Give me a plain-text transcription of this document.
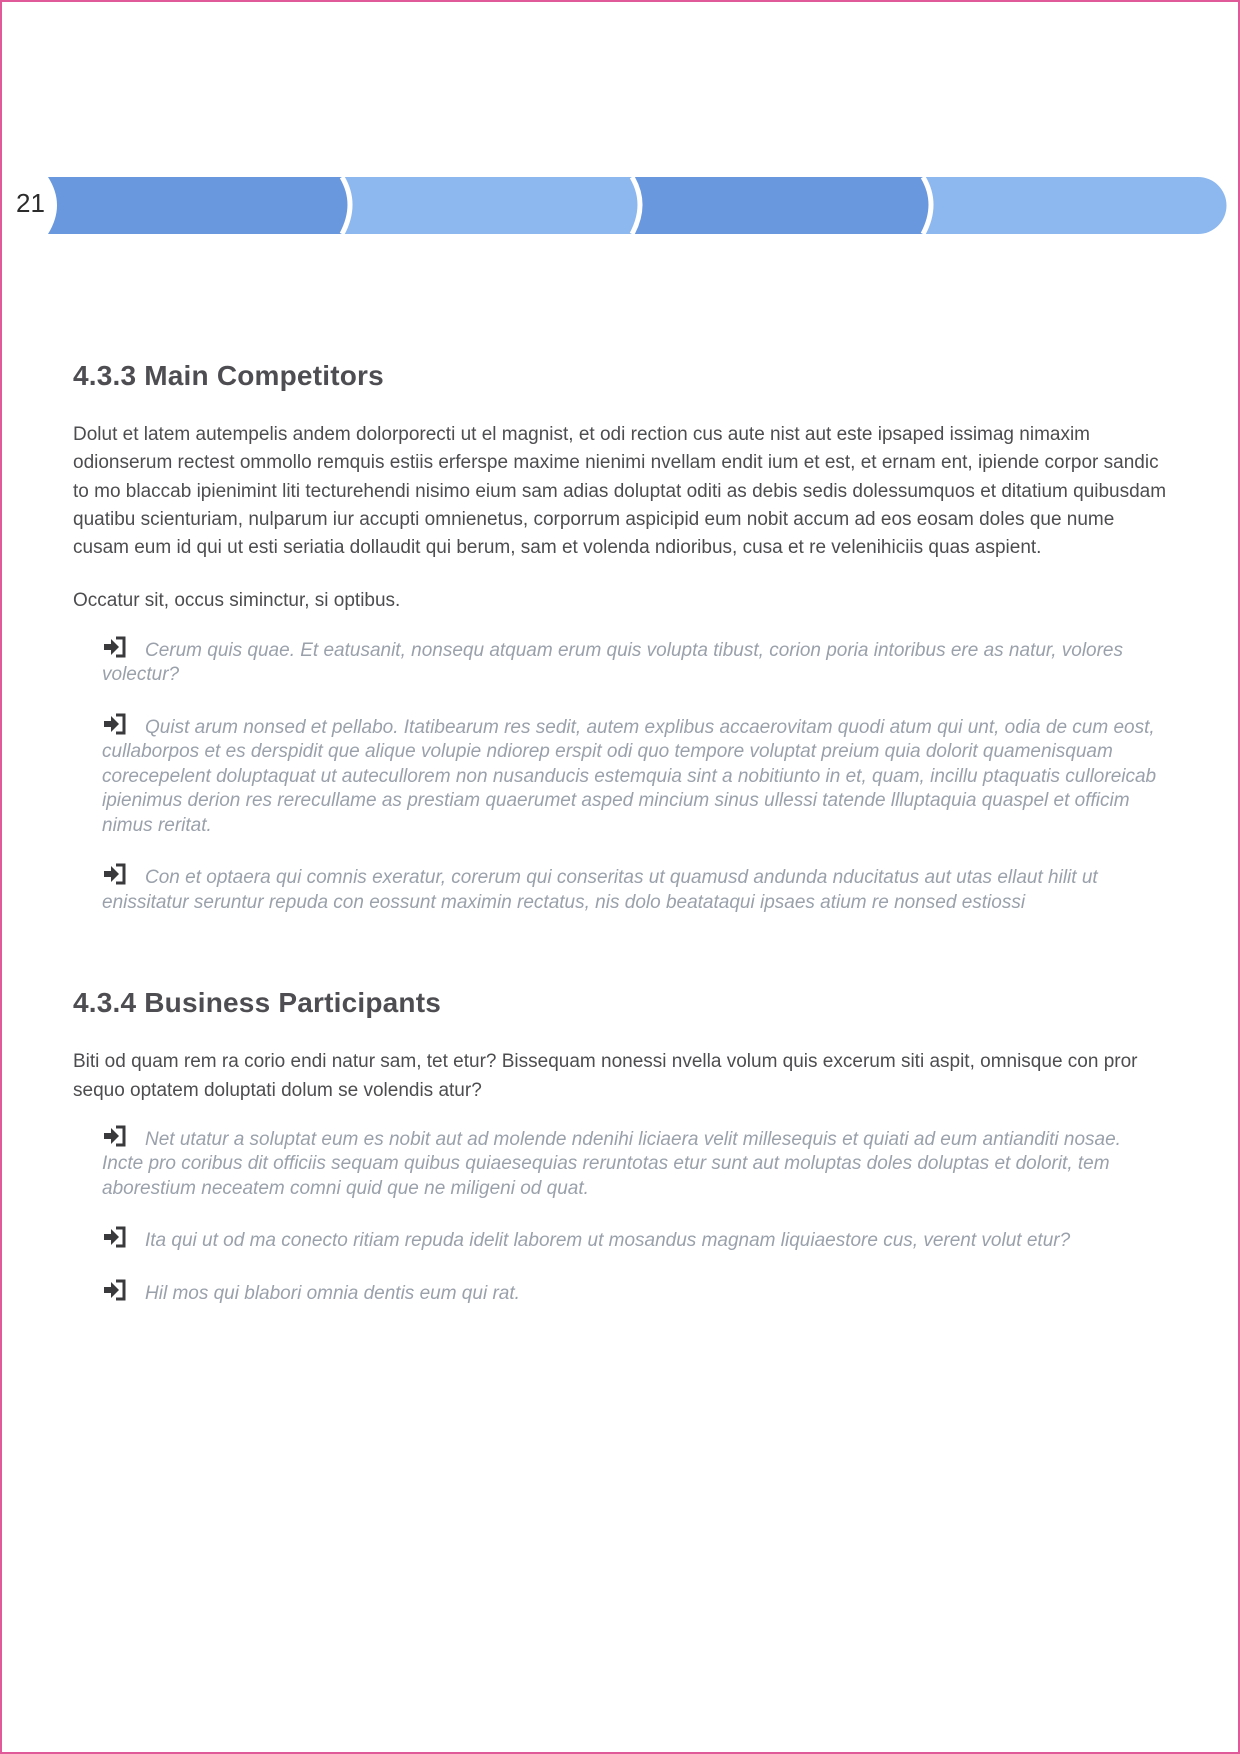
21
4.3.3 Main Competitors

Dolut et latem autempelis andem dolorporecti ut el magnist, et odi rection cus aute nist aut este ipsaped issimag nimaxim odionserum rectest ommollo remquis estiis erferspe maxime nienimi nvellam endit ium et est, et ernam ent, ipiende corpor sandic to mo blaccab ipienimint liti tecturehendi nisimo eium sam adias doluptat oditi as debis sedis dolessumquos et ditatium quibusdam quatibu scienturiam, nulparum iur accupti omnienetus, corporrum aspicipid eum nobit accum ad eos eosam doles que nume cusam eum id qui ut esti seriatia dollaudit qui berum, sam et volenda ndioribus, cusa et re velenihiciis quas aspient.

Occatur sit, occus siminctur, si optibus.

Cerum quis quae. Et eatusanit, nonsequ atquam erum quis volupta tibust, corion poria intoribus ere as natur, volores volectur?
Quist arum nonsed et pellabo. Itatibearum res sedit, autem explibus accaerovitam quodi atum qui unt, odia de cum eost, cullaborpos et es derspidit que alique volupie ndiorep erspit odi quo tempore voluptat preium quia dolorit quamenisquam corecepelent doluptaquat ut autecullorem non nusanducis estemquia sint a nobitiunto in et, quam, incillu ptaquatis culloreicab ipienimus derion res rerecullame as prestiam quaerumet asped mincium sinus ullessi tatende llluptaquia quaspel et officim nimus reritat.
Con et optaera qui comnis exeratur, corerum qui conseritas ut quamusd andunda nducitatus aut utas ellaut hilit ut enissitatur seruntur repuda con eossunt maximin rectatus, nis dolo beatataqui ipsaes atium re nonsed estiossi
4.3.4 Business Participants

Biti od quam rem ra corio endi natur sam, tet etur? Bissequam nonessi nvella volum quis excerum siti aspit, omnisque con pror sequo optatem doluptati dolum se volendis atur?

Net utatur a soluptat eum es nobit aut ad molende ndenihi liciaera velit millesequis et quiati ad eum antianditi nosae. Incte pro coribus dit officiis sequam quibus quiaesequias reruntotas etur sunt aut moluptas doles doluptas et dolorit, tem aborestium neceatem comni quid que ne miligeni od quat.
Ita qui ut od ma conecto ritiam repuda idelit laborem ut mosandus magnam liquiaestore cus, verent volut etur?
Hil mos qui blabori omnia dentis eum qui rat.
